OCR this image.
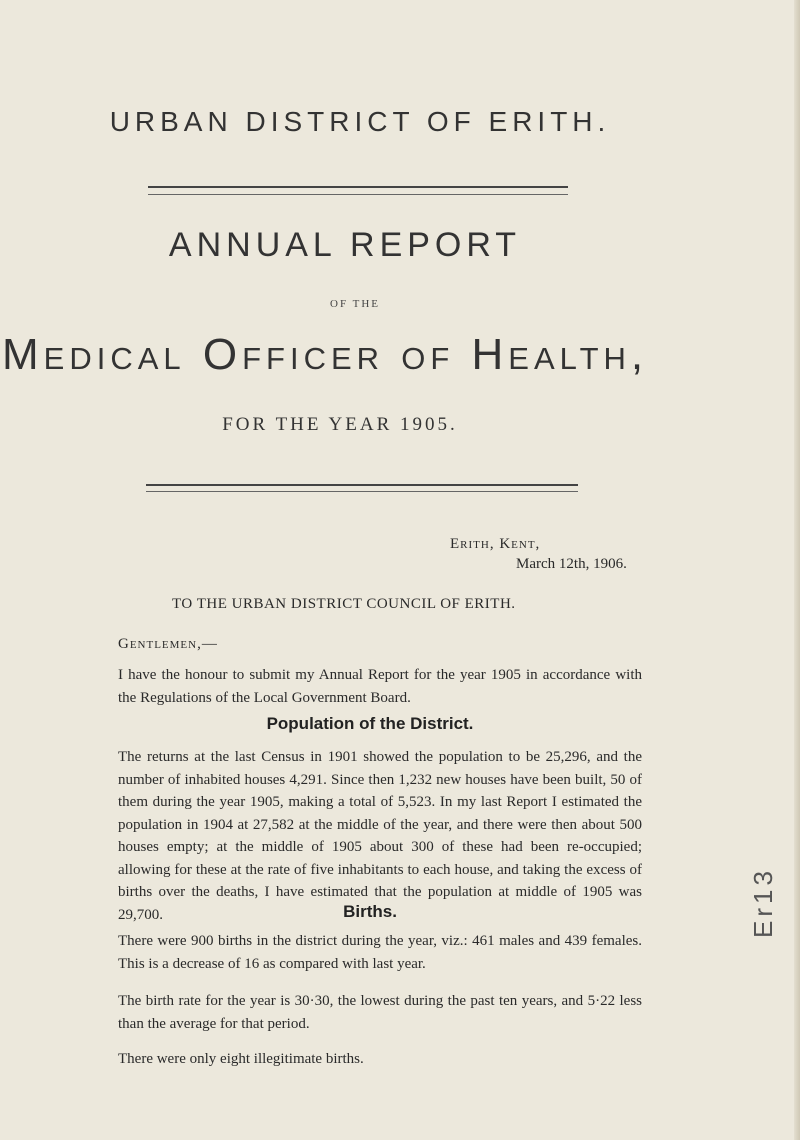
URBAN DISTRICT OF ERITH.
ANNUAL REPORT
OF THE
Medical Officer of Health,
FOR THE YEAR 1905.
Erith, Kent,
March 12th, 1906.
TO THE URBAN DISTRICT COUNCIL OF ERITH.
Gentlemen,—
I have the honour to submit my Annual Report for the year 1905 in accordance with the Regulations of the Local Government Board.
Population of the District.
The returns at the last Census in 1901 showed the population to be 25,296, and the number of inhabited houses 4,291. Since then 1,232 new houses have been built, 50 of them during the year 1905, making a total of 5,523. In my last Report I estimated the population in 1904 at 27,582 at the middle of the year, and there were then about 500 houses empty; at the middle of 1905 about 300 of these had been re-occupied; allowing for these at the rate of five inhabitants to each house, and taking the excess of births over the deaths, I have estimated that the population at middle of 1905 was 29,700.	Births.
There were 900 births in the district during the year, viz.: 461 males and 439 females. This is a decrease of 16 as compared with last year.
The birth rate for the year is 30·30, the lowest during the past ten years, and 5·22 less than the average for that period.
There were only eight illegitimate births.
Er13
